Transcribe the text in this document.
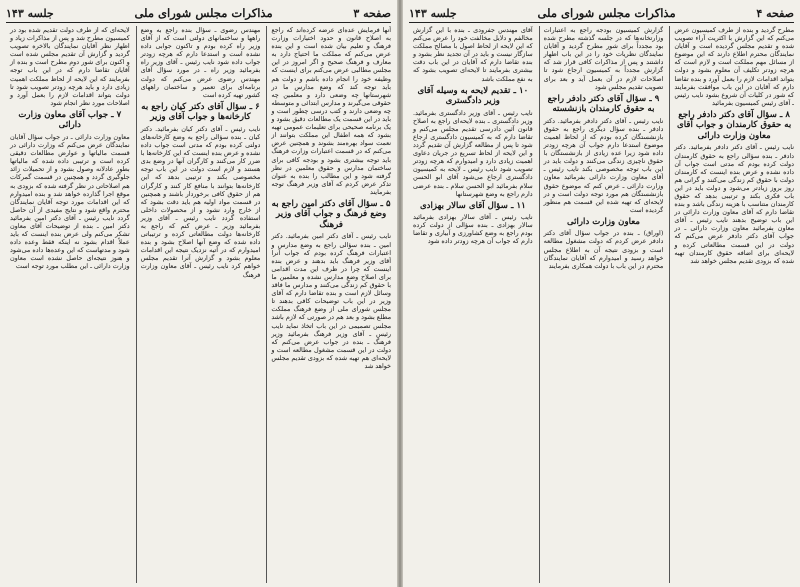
صفحه ۳
مذاکرات مجلس شورای ملی
جلسه ۱۴۳

آنها فرمایش عده‌ای عرضه کرده‌اند که راجع به اصلاح قانون و حدود اختیارات وزارت فرهنگ و تعلیم بیان شده است و این بنده عرض می‌کنم که مملکت ما احتیاج دارد به معارف و فرهنگ صحیح و اگر امروز در این مجلس مطالبی عرض می‌کنم برای اینست که وظیفه خود را انجام داده باشم و دولت هم باید توجه کند که وضع مدارس ما در شهرستانها چه وضعی دارد و معلمین چه حقوقی می‌گیرند و مدارس ابتدائی و متوسطه چه وضعی دارند و کتب درسی چطور است و باید در این قسمت یک مطالعات دقیق بشود و یک برنامه صحیحی برای تعلیمات عمومی تهیه بشود که همه اطفال این مملکت بتوانند از نعمت سواد بهره‌مند بشوند و همچنین عرض می‌کنم که در قسمت اعتبارات وزارت فرهنگ باید توجه بیشتری بشود و بودجه کافی برای ساختمان مدارس و حقوق معلمین در نظر گرفته شود و این مطالب را بنده به عنوان تذکر عرض کردم که آقای وزیر فرهنگ توجه بفرمایند

۵ ـ سؤال آقای دکتر امین راجع به وضع فرهنگ و جواب آقای وزیر فرهنگ

نایب رئیس ـ آقای دکتر امین بفرمائید. دکتر امین ـ بنده سؤالی راجع به وضع مدارس و اعتبارات فرهنگ کرده بودم که جواب آنرا آقای وزیر فرهنگ باید بدهند و عرض بنده اینست که چرا در ظرف این مدت اقدامی برای اصلاح وضع مدارس نشده و معلمین ما با حقوق کم زندگی می‌کنند و مدارس ما فاقد وسائل لازم است و بنده تقاضا دارم که آقای وزیر در این باب توضیحات کافی بدهند تا مجلس شورای ملی از وضع فرهنگ مملکت مطلع بشود و بعد هم در صورتی که لازم باشد مجلس تصمیمی در این باب اتخاذ نماید نایب رئیس ـ آقای وزیر فرهنگ بفرمائید وزیر فرهنگ ـ بنده در جواب عرض می‌کنم که دولت در این قسمت مشغول مطالعه است و لایحه‌ای هم تهیه شده که بزودی تقدیم مجلس خواهد شد

مهندس رضوی ـ سؤال بنده راجع به وضع راهها و ساختمانهای دولتی است که از آقای وزیر راه کرده بودم و تاکنون جوابی داده نشده است و استدعا دارم که هرچه زودتر جواب داده شود نایب رئیس ـ آقای وزیر راه بفرمائید وزیر راه ـ در مورد سؤال آقای مهندس رضوی عرض می‌کنم که دولت برنامه‌ای برای تعمیر و ساختمان راههای کشور تهیه کرده است

۶ ـ سؤال آقای دکتر کیان راجع به کارخانه‌ها و جواب آقای وزیر

نایب رئیس ـ آقای دکتر کیان بفرمائید. دکتر کیان ـ بنده سؤالی راجع به وضع کارخانه‌های دولتی کرده بودم که مدتی است جواب داده نشده و عرض بنده اینست که این کارخانه‌ها با ضرر کار می‌کنند و کارگران آنها در وضع بدی هستند و لازم است دولت در این باب توجه مخصوصی بکند و ترتیبی بدهد که این کارخانه‌ها بتوانند با منافع کار کنند و کارگران هم از حقوق کافی برخوردار باشند و همچنین در قسمت مواد اولیه هم باید دقت بشود که از خارج وارد نشود و از محصولات داخلی استفاده گردد نایب رئیس ـ آقای وزیر بفرمائید وزیر ـ عرض کنم که راجع به کارخانه‌ها دولت مطالعاتی کرده و ترتیباتی داده شده که وضع آنها اصلاح بشود و بنده امیدوارم که در آتیه نزدیک نتیجه این اقدامات معلوم بشود و گزارش آنرا تقدیم مجلس خواهم کرد نایب رئیس ـ آقای معاون وزارت فرهنگ

لایحه‌ای که از طرف دولت تقدیم شده بود در کمیسیون مطرح شد و پس از مذاکرات زیاد و اظهار نظر آقایان نمایندگان بالاخره تصویب گردید و گزارش آن تقدیم مجلس شده است و اکنون برای شور دوم مطرح است و بنده از آقایان تقاضا دارم که در این باب توجه بفرمایند که این لایحه از لحاظ مملکت اهمیت زیادی دارد و باید هرچه زودتر تصویب شود تا دولت بتواند اقدامات لازم را بعمل آورد و اصلاحات مورد نظر انجام شود

۷ ـ جواب آقای معاون وزارت دارائی

معاون وزارت دارائی ـ در جواب سؤال آقایان نمایندگان عرض می‌کنم که وزارت دارائی در قسمت مالیاتها و عوارض مطالعات دقیقی کرده است و ترتیبی داده شده که مالیاتها بطور عادلانه وصول بشود و از تحمیلات زائد جلوگیری گردد و همچنین در قسمت گمرکات هم اصلاحاتی در نظر گرفته شده که بزودی به موقع اجرا گذارده خواهد شد و بنده امیدوارم که این اقدامات مورد توجه آقایان نمایندگان محترم واقع شود و نتایج مفیدی از آن حاصل گردد نایب رئیس ـ آقای دکتر امین بفرمائید دکتر امین ـ بنده از توضیحات آقای معاون تشکر می‌کنم ولی عرض بنده اینست که باید عملاً اقدام بشود نه اینکه فقط وعده داده شود و مدتهاست که این وعده‌ها داده می‌شود و هنوز نتیجه‌ای حاصل نشده است معاون وزارت دارائی ـ این مطلب مورد توجه است

صفحه ۴
مذاکرات مجلس شورای ملی
جلسه ۱۴۳

مطرح گردید و بنده از طرف کمیسیون عرض می‌کنم که این گزارش با اکثریت آراء تصویب شده و تقدیم مجلس گردیده است و آقایان نمایندگان محترم اطلاع دارند که این موضوع از مسائل مهم مملکت است و لازم است که هرچه زودتر تکلیف آن معلوم بشود و دولت بتواند اقدامات لازم را بعمل آورد و بنده تقاضا دارم که آقایان در این باب موافقت بفرمایند که شور در کلیات آن شروع بشود نایب رئیس ـ آقای رئیس کمیسیون بفرمائید

۸ ـ سؤال آقای دکتر دادفر راجع به حقوق کارمندان و جواب آقای معاون وزارت دارائی

نایب رئیس ـ آقای دکتر دادفر بفرمائید. دکتر دادفر ـ بنده سؤالی راجع به حقوق کارمندان دولت کرده بودم که مدتی است جواب آن داده نشده و عرض بنده اینست که کارمندان دولت با حقوق کم زندگی می‌کنند و گرانی هم روز بروز زیادتر می‌شود و دولت باید در این باب فکری بکند و ترتیبی بدهد که حقوق کارمندان متناسب با هزینه زندگی باشد و بنده تقاضا دارم که آقای معاون وزارت دارائی در این باب توضیح بدهند نایب رئیس ـ آقای معاون بفرمائید معاون وزارت دارائی ـ در جواب آقای دکتر دادفر عرض می‌کنم که دولت در این قسمت مطالعاتی کرده و لایحه‌ای برای اضافه حقوق کارمندان تهیه شده که بزودی تقدیم مجلس خواهد شد

گزارش کمیسیون بودجه راجع به اعتبارات وزارتخانه‌ها که در جلسه گذشته مطرح شده بود مجدداً برای شور مطرح گردید و آقایان نمایندگان نظریات خود را در این باب اظهار داشتند و پس از مذاکرات کافی قرار شد که گزارش مجدداً به کمیسیون ارجاع شود تا اصلاحات لازم در آن بعمل آید و بعد برای تصویب تقدیم مجلس شود

۹ ـ سؤال آقای دکتر دادفر راجع به حقوق کارمندان بازنشسته

نایب رئیس ـ آقای دکتر دادفر بفرمائید. دکتر دادفر ـ بنده سؤال دیگری راجع به حقوق بازنشستگان کرده بودم که از لحاظ اهمیت موضوع استدعا دارم جواب آن هرچه زودتر داده شود زیرا عده زیادی از بازنشستگان با حقوق ناچیزی زندگی می‌کنند و دولت باید در این باب توجه مخصوصی بکند نایب رئیس ـ آقای معاون وزارت دارائی بفرمائید معاون وزارت دارائی ـ عرض کنم که موضوع حقوق بازنشستگان هم مورد توجه دولت است و در لایحه‌ای که تهیه شده این قسمت هم منظور گردیده است

معاون وزارت دارائی

(اوراق) ـ بنده در جواب سؤال آقای دکتر دادفر عرض کردم که دولت مشغول مطالعه است و بزودی نتیجه آن به اطلاع مجلس خواهد رسید و امیدوارم که آقایان نمایندگان محترم در این باب با دولت همکاری بفرمایند

آقای مهندس جفرودی ـ بنده با این گزارش مخالفم و دلایل مخالفت خود را عرض می‌کنم که این لایحه از لحاظ اصول با مصالح مملکت سازگار نیست و باید در آن تجدید نظر بشود و بنده تقاضا دارم که آقایان در این باب دقت بیشتری بفرمایند تا لایحه‌ای تصویب بشود که به نفع مملکت باشد

۱۰ ـ تقدیم لایحه به وسیله آقای وزیر دادگستری

نایب رئیس ـ آقای وزیر دادگستری بفرمائید. وزیر دادگستری ـ بنده لایحه‌ای راجع به اصلاح قانون آئین دادرسی تقدیم مجلس می‌کنم و تقاضا دارم که به کمیسیون دادگستری ارجاع شود تا پس از مطالعه گزارش آن تقدیم گردد و این لایحه از لحاظ تسریع در جریان دعاوی اهمیت زیادی دارد و امیدوارم که هرچه زودتر تصویب شود نایب رئیس ـ لایحه به کمیسیون دادگستری ارجاع می‌شود آقای ابو الحسن سلام بفرمائید ابو الحسن سلام ـ بنده عرضی دارم راجع به وضع شهرستانها

۱۱ ـ سؤال آقای سالار بهزادی

نایب رئیس ـ آقای سالار بهزادی بفرمائید سالار بهزادی ـ بنده سؤالی از دولت کرده بودم راجع به وضع کشاورزی و آبیاری و تقاضا دارم که جواب آن هرچه زودتر داده شود
